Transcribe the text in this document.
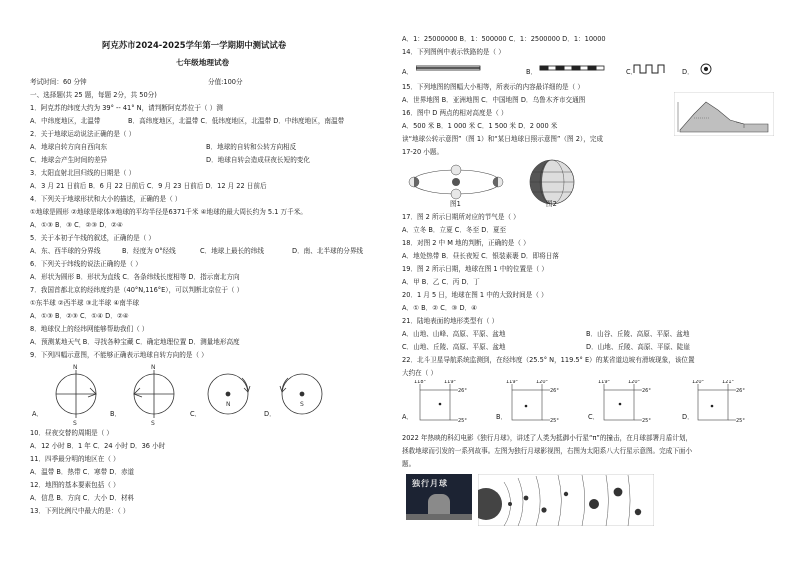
阿克苏市2024-2025学年第一学期期中测试试卷
七年级地理试卷
考试时间：60 分钟	分值:100分
一、选择题(共 25 题，每题 2分，共 50分)
1．阿克苏的纬度大约为 39° -- 41° N，请判断阿克苏位于（ ）测
A．中纬度地区，北温带	B．高纬度地区，北温带 C．低纬度地区，北温带 D．中纬度地区，南温带
2．关于地球运动说法正确的是（ ）
A．地球自转方向自西向东	B．地球的自转和公转方向相反
C．地球会产生时间的差异	D．地球自转会造成昼夜长短的变化
3．太阳直射北回归线的日期是（ ）
A．3 月 21 日前后 B．6 月 22 日前后 C．9 月 23 日前后 D．12 月 22 日前后
4．下列关于地球形状和大小的描述，正确的是（ ）
①地球是圆形 ②地球是球体③地球的平均半径是6371千米 ④地球的最大周长约为 5.1 万千米。
A．①③ B．③ C．②③ D．②④
5．关于本初子午线的叙述，正确的是（ ）
A．东、西半球的分界线	B．经度为 0°经线	C．地球上最长的纬线	D．南、北半球的分界线
6．下列关于纬线的说法正确的是（ ）
A．形状为圆形 B．形状为直线 C．各条纬线长度相等 D．指示南北方向
7．我国首都北京的经纬度约是（40°N,116°E），可以判断北京位于（ ）
①东半球 ②西半球 ③北半球 ④南半球
A．①③ B．②③ C．①④ D．②④
8．地球仪上的经纬网能够帮助我们（ ）
A．预测某地天气 B．寻找各种宝藏 C．确定地理位置 D．测量地形高度
9．下列四幅示意图，不能够正确表示地球自转方向的是（ ）
N
S
N
S
N	S
A．	B．	C．	D．
10．昼夜交替的周期是（ ）
A．12 小时 B．1 年 C．24 小时 D．36 小时
11．四季最分明的地区在（ ）
A．温带 B．热带 C．寒带 D．赤道
12．地图的基本要素包括（ ）
A．信息 B．方向 C．大小 D．材料
13．下列比例尺中最大的是：（ ）
A．1：25000000 B．1：500000 C．1：2500000 D．1：10000
14．下列图例中表示铁路的是（ ）
A．	B．	C．	D．
15．下列地图的图幅大小相等，所表示的内容最详细的是（ ）
A．世界地图 B．亚洲地图 C．中国地图 D．乌鲁木齐市交通图
16．图中 D 两点的相对高度是（ ）
A．500 米 B．1 000 米 C．1 500 米 D．2 000 米
读“地球公转示意图”（图 1）和“某日地球日照示意图”（图 2），完成
17-20 小题。
图1	图2
17．图 2 所示日期所对应的节气是（ ）
A．立冬 B．立夏 C．冬至 D．夏至
18．对图 2 中 M 地的判断，正确的是（ ）
A．地处热带 B．昼长夜短 C．银装素裹 D．即将日落
19．图 2 所示日期，地球在图 1 中的位置是（ ）
A．甲 B．乙 C．丙 D．丁
20．1 月 5 日，地球在图 1 中的大致时间是（ ）
A．① B．② C．③ D．④
21．陆地表面的地形类型有（ ）
A．山地、山峰、高原、平原、盆地	B．山谷、丘陵、高原、平原、盆地
C．山地、丘陵、高原、平原、盆地	D．山地、丘陵、高原、平原、陡崖
22．北斗卫星导航系统监测到，在经纬度（25.5° N，119.5° E）的某省道边坡有滑坡现象，该位置
大约在（ ）
118°	119°
26°
25°
119°	120°
26°
25°
119°	120°
26°
25°
120°	121°
26°
25°
A．	B．	C．	D．
2022 年热映的科幻电影《独行月球》，讲述了人类为抵御小行星“π”的撞击，在月球部署月盾计划，
拯救地球而引发的一系列故事。左图为独行月球影视图，右图为太阳系八大行星示意图。完成下面小
题。
独行月球
